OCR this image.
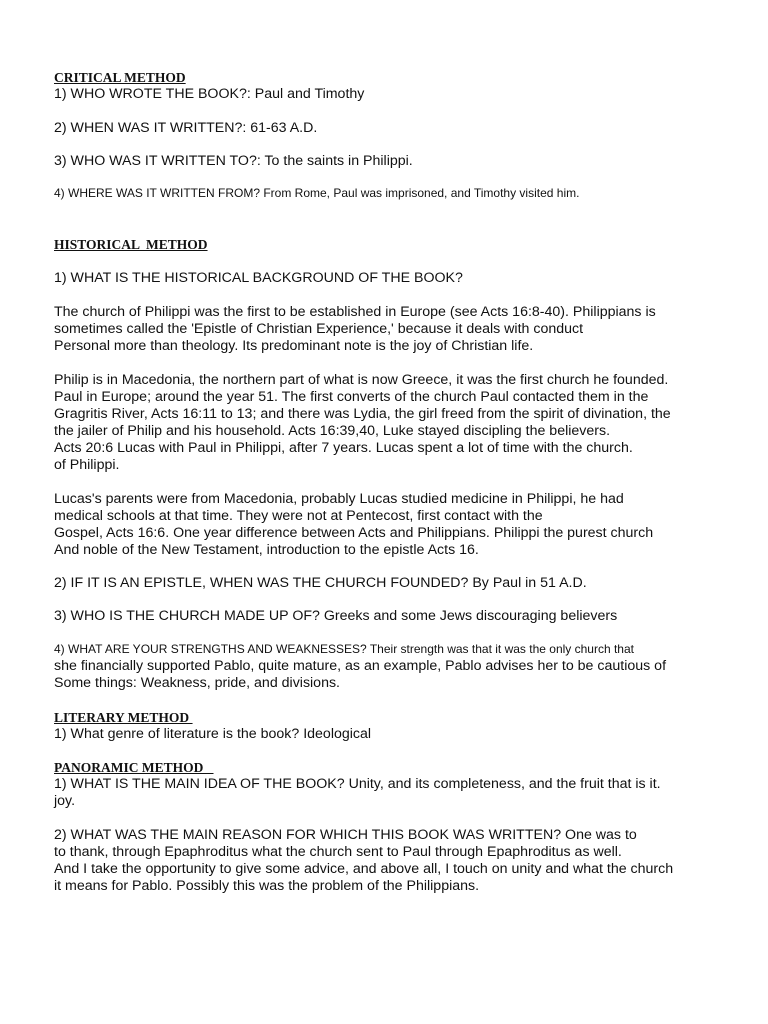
CRITICAL METHOD

1) WHO WROTE THE BOOK?: Paul and Timothy

2) WHEN WAS IT WRITTEN?: 61-63 A.D.

3) WHO WAS IT WRITTEN TO?: To the saints in Philippi.

4) WHERE WAS IT WRITTEN FROM? From Rome, Paul was imprisoned, and Timothy visited him.

HISTORICAL  METHOD

1) WHAT IS THE HISTORICAL BACKGROUND OF THE BOOK?

The church of Philippi was the first to be established in Europe (see Acts 16:8-40). Philippians is

sometimes called the 'Epistle of Christian Experience,' because it deals with conduct

Personal more than theology. Its predominant note is the joy of Christian life.

Philip is in Macedonia, the northern part of what is now Greece, it was the first church he founded.

Paul in Europe; around the year 51. The first converts of the church Paul contacted them in the

Gragritis River, Acts 16:11 to 13; and there was Lydia, the girl freed from the spirit of divination, the

the jailer of Philip and his household. Acts 16:39,40, Luke stayed discipling the believers.

Acts 20:6 Lucas with Paul in Philippi, after 7 years. Lucas spent a lot of time with the church.

of Philippi.

Lucas's parents were from Macedonia, probably Lucas studied medicine in Philippi, he had

medical schools at that time. They were not at Pentecost, first contact with the

Gospel, Acts 16:6. One year difference between Acts and Philippians. Philippi the purest church

And noble of the New Testament, introduction to the epistle Acts 16.

2) IF IT IS AN EPISTLE, WHEN WAS THE CHURCH FOUNDED? By Paul in 51 A.D.

3) WHO IS THE CHURCH MADE UP OF? Greeks and some Jews discouraging believers

4) WHAT ARE YOUR STRENGTHS AND WEAKNESSES? Their strength was that it was the only church that

she financially supported Pablo, quite mature, as an example, Pablo advises her to be cautious of

Some things: Weakness, pride, and divisions.

LITERARY METHOD

1) What genre of literature is the book? Ideological

PANORAMIC METHOD

1) WHAT IS THE MAIN IDEA OF THE BOOK? Unity, and its completeness, and the fruit that is it.

joy.

2) WHAT WAS THE MAIN REASON FOR WHICH THIS BOOK WAS WRITTEN? One was to

to thank, through Epaphroditus what the church sent to Paul through Epaphroditus as well.

And I take the opportunity to give some advice, and above all, I touch on unity and what the church

it means for Pablo. Possibly this was the problem of the Philippians.
